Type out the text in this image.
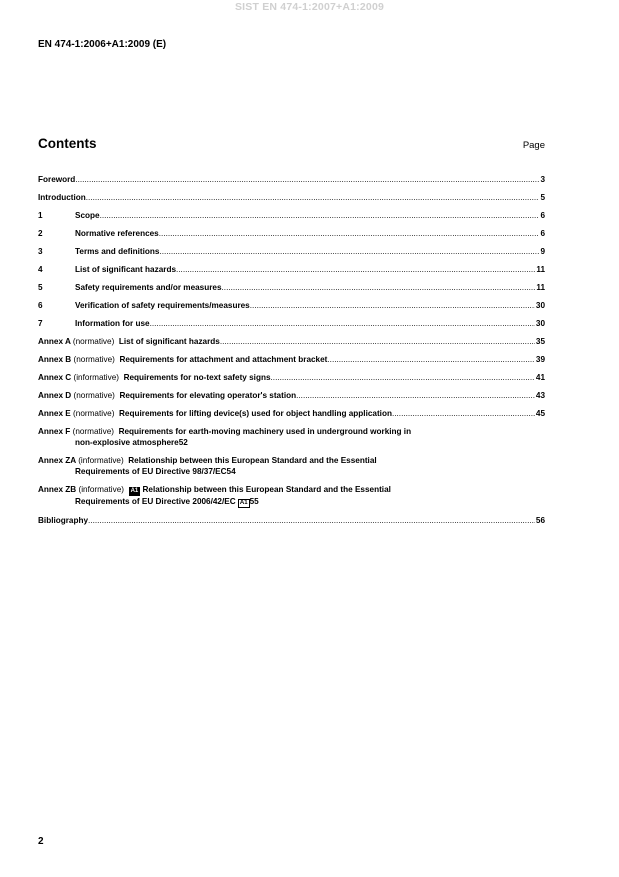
SIST EN 474-1:2007+A1:2009
EN 474-1:2006+A1:2009 (E)
Contents	Page
Foreword .....	3
Introduction .....	5
1	Scope .....	6
2	Normative references .....	6
3	Terms and definitions .....	9
4	List of significant hazards .....	11
5	Safety requirements and/or measures .....	11
6	Verification of safety requirements/measures .....	30
7	Information for use .....	30
Annex A (normative) List of significant hazards .....	35
Annex B (normative) Requirements for attachment and attachment bracket .....	39
Annex C (informative) Requirements for no-text safety signs .....	41
Annex D (normative) Requirements for elevating operator's station .....	43
Annex E (normative) Requirements for lifting device(s) used for object handling application .....	45
Annex F (normative) Requirements for earth-moving machinery used in underground working in
non-explosive atmosphere 52
Annex ZA (informative) Relationship between this European Standard and the Essential
Requirements of EU Directive 98/37/EC 54
Annex ZB (informative) A1 Relationship between this European Standard and the Essential
Requirements of EU Directive 2006/42/EC A1 55
Bibliography .....	56
2
